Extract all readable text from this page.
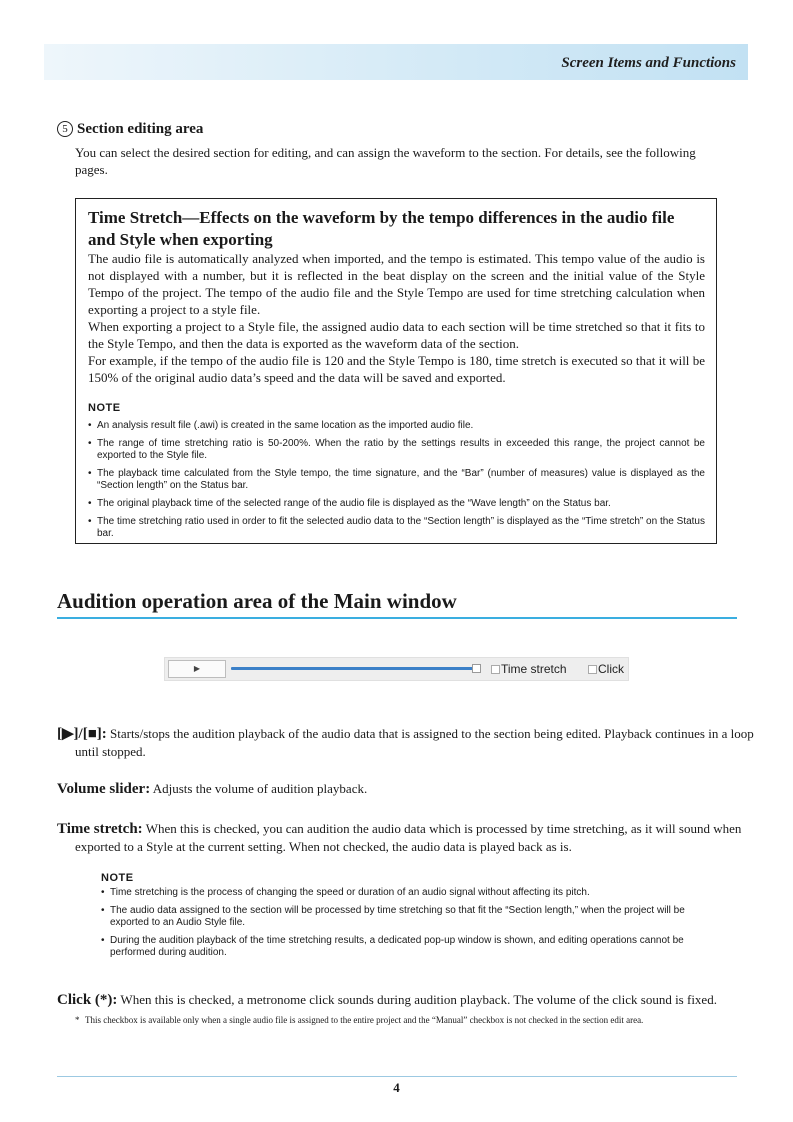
Screen Items and Functions
5 Section editing area
You can select the desired section for editing, and can assign the waveform to the section. For details, see the following pages.
Time Stretch—Effects on the waveform by the tempo differences in the audio file and Style when exporting
The audio file is automatically analyzed when imported, and the tempo is estimated. This tempo value of the audio is not displayed with a number, but it is reflected in the beat display on the screen and the initial value of the Style Tempo of the project. The tempo of the audio file and the Style Tempo are used for time stretching calculation when exporting a project to a style file.
When exporting a project to a Style file, the assigned audio data to each section will be time stretched so that it fits to the Style Tempo, and then the data is exported as the waveform data of the section.
For example, if the tempo of the audio file is 120 and the Style Tempo is 180, time stretch is executed so that it will be 150% of the original audio data’s speed and the data will be saved and exported.
NOTE
• An analysis result file (.awi) is created in the same location as the imported audio file.
• The range of time stretching ratio is 50-200%. When the ratio by the settings results in exceeded this range, the project cannot be exported to the Style file.
• The playback time calculated from the Style tempo, the time signature, and the “Bar” (number of measures) value is displayed as the “Section length” on the Status bar.
• The original playback time of the selected range of the audio file is displayed as the “Wave length” on the Status bar.
• The time stretching ratio used in order to fit the selected audio data to the “Section length” is displayed as the “Time stretch” on the Status bar.
Audition operation area of the Main window
▶	Time stretch	Click
[▶]/[■]: Starts/stops the audition playback of the audio data that is assigned to the section being edited. Playback continues in a loop until stopped.
Volume slider: Adjusts the volume of audition playback.
Time stretch: When this is checked, you can audition the audio data which is processed by time stretching, as it will sound when exported to a Style at the current setting. When not checked, the audio data is played back as is.
NOTE
• Time stretching is the process of changing the speed or duration of an audio signal without affecting its pitch.
• The audio data assigned to the section will be processed by time stretching so that fit the “Section length,” when the project will be exported to an Audio Style file.
• During the audition playback of the time stretching results, a dedicated pop-up window is shown, and editing operations cannot be performed during audition.
Click (*): When this is checked, a metronome click sounds during audition playback. The volume of the click sound is fixed.
* This checkbox is available only when a single audio file is assigned to the entire project and the “Manual” checkbox is not checked in the section edit area.
4
